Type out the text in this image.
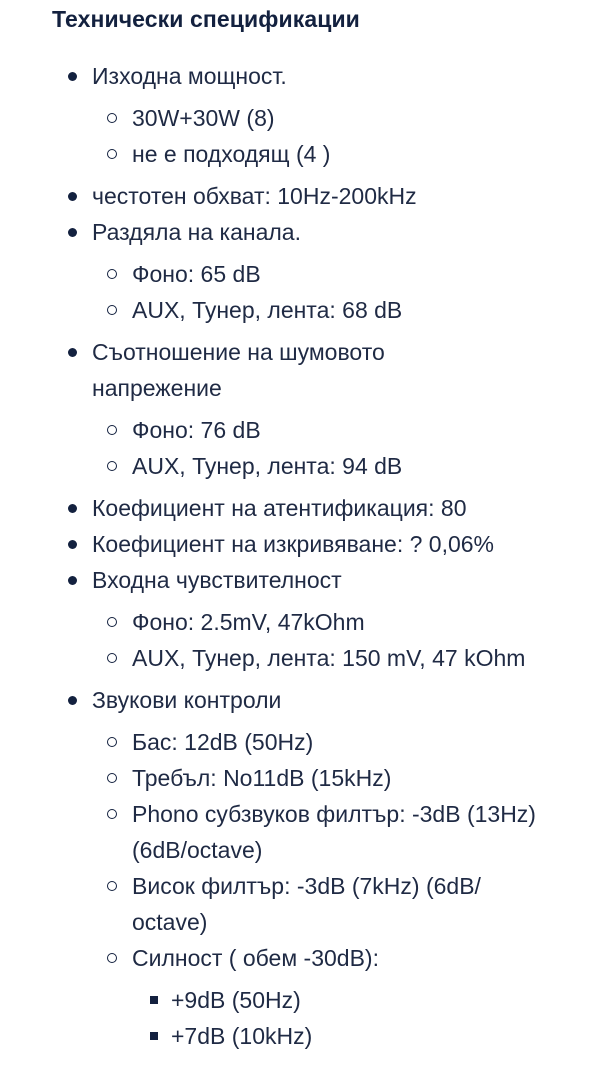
Технически спецификации
Изходна мощност.
30W+30W (8)
не е подходящ (4 )
честотен обхват: 10Hz-200kHz
Раздяла на канала.
Фоно: 65 dB
AUX, Тунер, лента: 68 dB
Съотношение на шумовото напрежение
Фоно: 76 dB
AUX, Тунер, лента: 94 dB
Коефициент на атентификация: 80
Коефициент на изкривяване: ? 0,06%
Входна чувствителност
Фоно: 2.5mV, 47kOhm
AUX, Тунер, лента: 150 mV, 47 kOhm
Звукови контроли
Бас: 12dB (50Hz)
Требъл: No11dB (15kHz)
Phono субзвуков филтър: -3dB (13Hz) (6dB/octave)
Висок филтър: -3dB (7kHz) (6dB/ octave)
Силност ( обем -30dB):
+9dB (50Hz)
+7dB (10kHz)
